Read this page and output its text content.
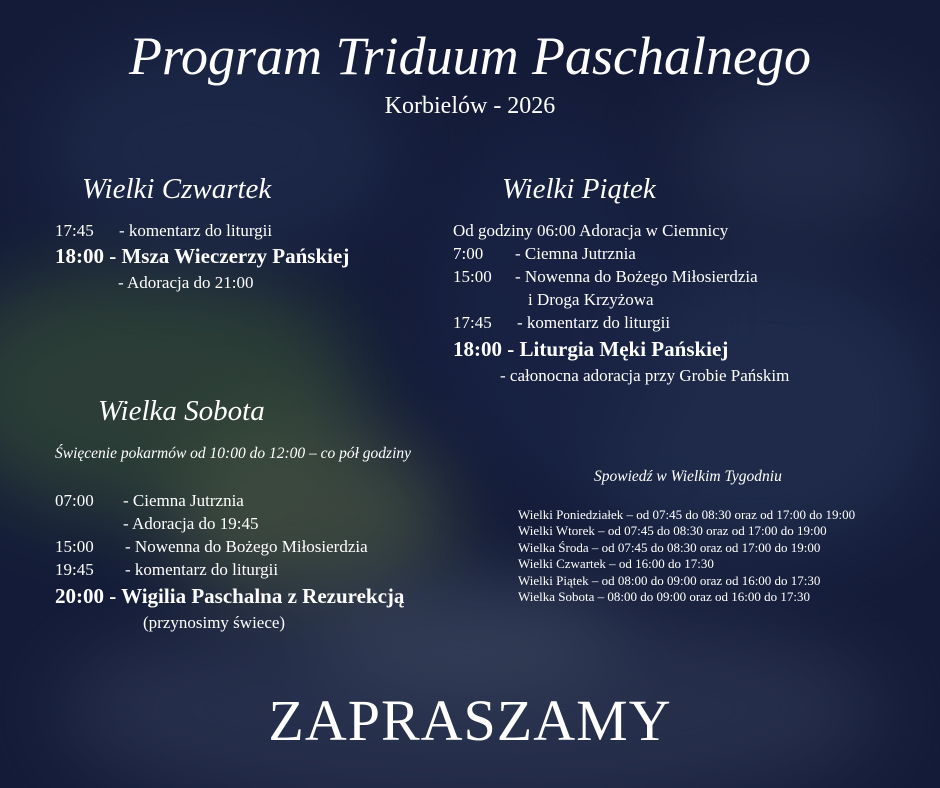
Program Triduum Paschalnego
Korbielów - 2026
Wielki Czwartek
17:45 - komentarz do liturgii
18:00 - Msza Wieczerzy Pańskiej
- Adoracja do 21:00
Wielki Piątek
Od godziny 06:00 Adoracja w Ciemnicy
7:00 - Ciemna Jutrznia
15:00 - Nowenna do Bożego Miłosierdzia
i Droga Krzyżowa
17:45 - komentarz do liturgii
18:00 - Liturgia Męki Pańskiej
- całonocna adoracja przy Grobie Pańskim
Wielka Sobota
Święcenie pokarmów od 10:00 do 12:00 – co pół godziny
07:00 - Ciemna Jutrznia
- Adoracja do 19:45
15:00 - Nowenna do Bożego Miłosierdzia
19:45 - komentarz do liturgii
20:00 - Wigilia Paschalna z Rezurekcją
(przynosimy świece)
Spowiedź w Wielkim Tygodniu
Wielki Poniedziałek – od 07:45 do 08:30 oraz od 17:00 do 19:00
Wielki Wtorek – od 07:45 do 08:30 oraz od 17:00 do 19:00
Wielka Środa – od 07:45 do 08:30 oraz od 17:00 do 19:00
Wielki Czwartek – od 16:00 do 17:30
Wielki Piątek – od 08:00 do 09:00 oraz od 16:00 do 17:30
Wielka Sobota – 08:00 do 09:00 oraz od 16:00 do 17:30
ZAPRASZAMY
